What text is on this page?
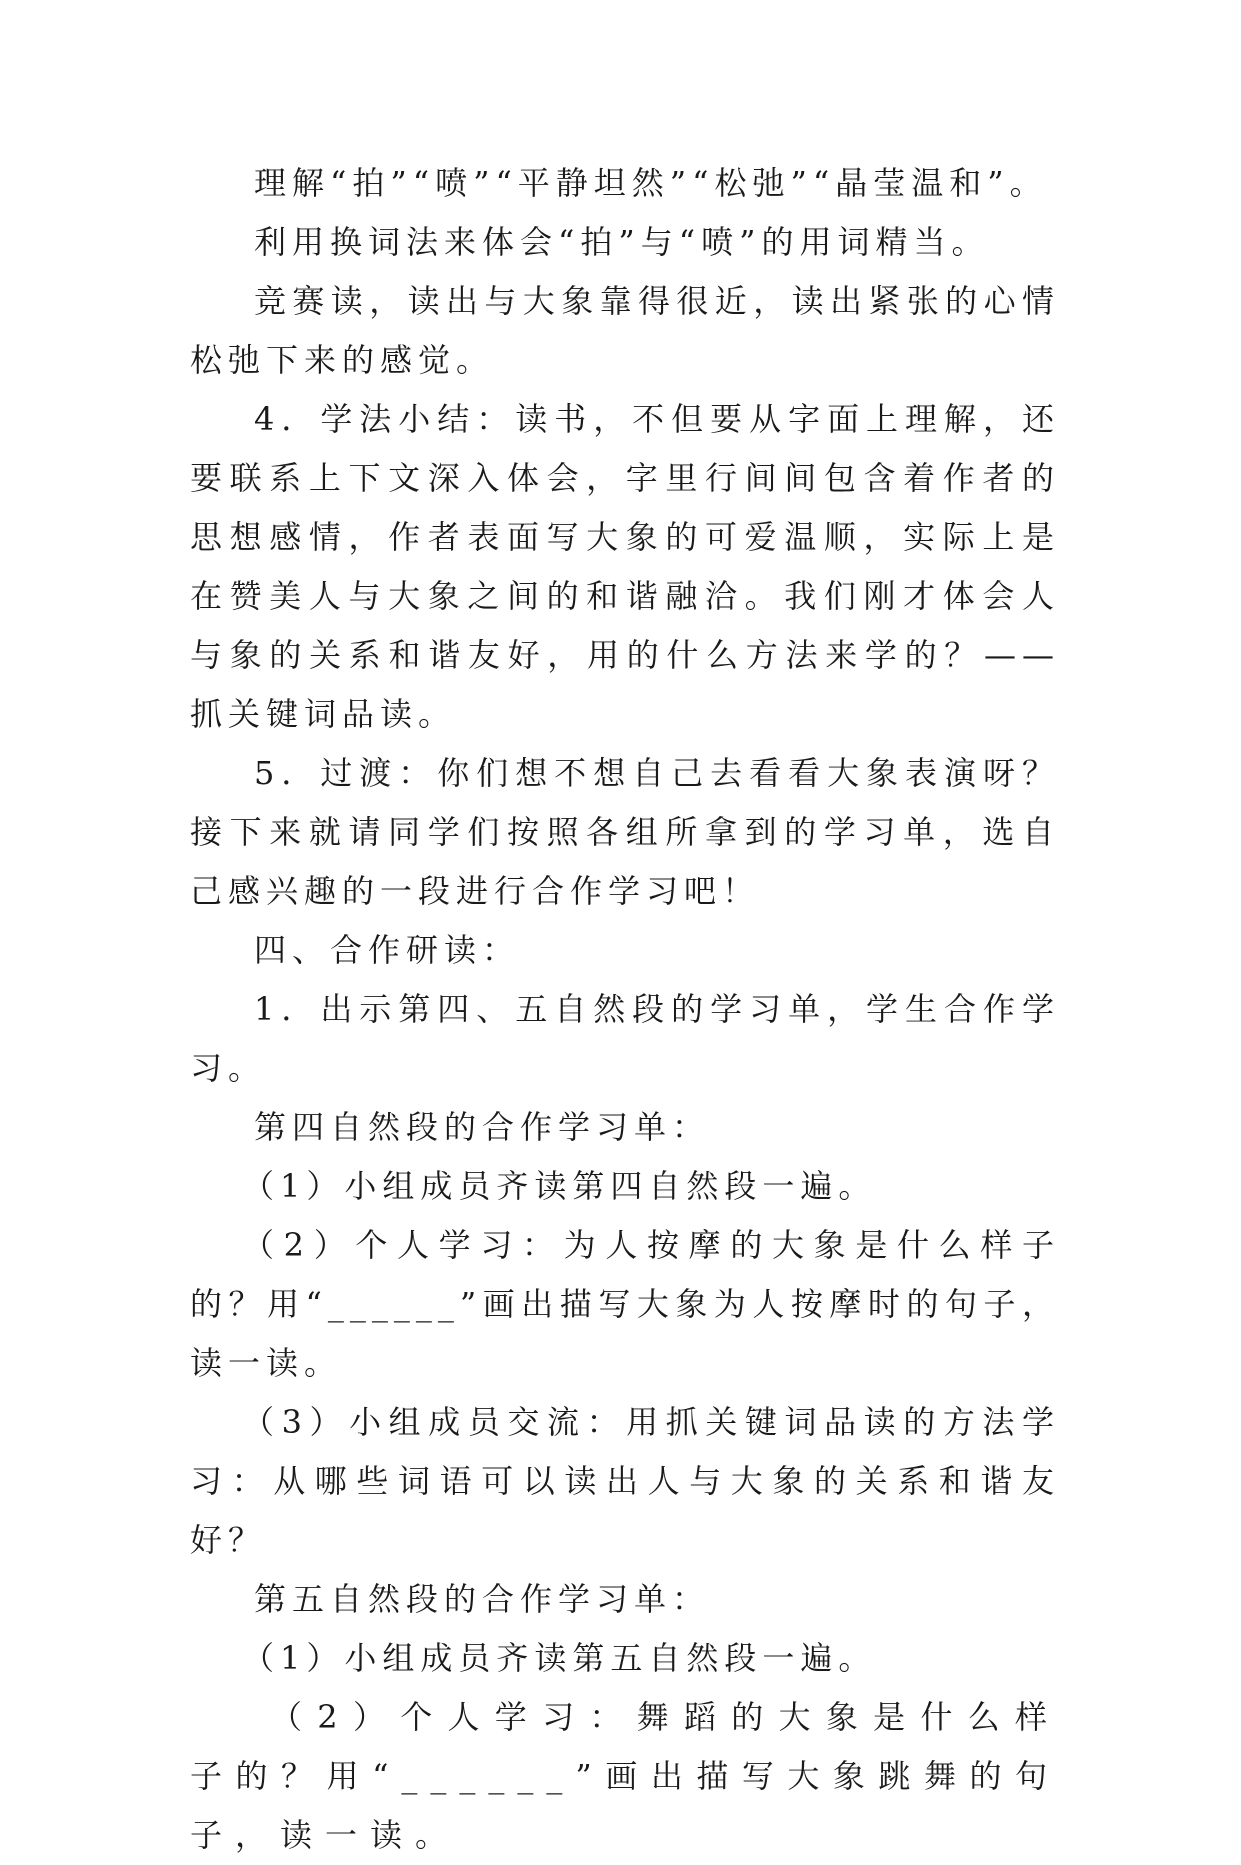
理解“拍”“喷”“平静坦然”“松弛”“晶莹温和”。

利用换词法来体会“拍”与“喷”的用词精当。

竞赛读，读出与大象靠得很近，读出紧张的心情松弛下来的感觉。

4．学法小结：读书，不但要从字面上理解，还要联系上下文深入体会，字里行间间包含着作者的思想感情，作者表面写大象的可爱温顺，实际上是在赞美人与大象之间的和谐融洽。我们刚才体会人与象的关系和谐友好，用的什么方法来学的？——抓关键词品读。

5．过渡：你们想不想自己去看看大象表演呀？接下来就请同学们按照各组所拿到的学习单，选自己感兴趣的一段进行合作学习吧！

四、合作研读：

1．出示第四、五自然段的学习单，学生合作学习。

第四自然段的合作学习单：

（1）小组成员齐读第四自然段一遍。

（2）个人学习：为人按摩的大象是什么样子的？用“______”画出描写大象为人按摩时的句子，读一读。

（3）小组成员交流：用抓关键词品读的方法学习：从哪些词语可以读出人与大象的关系和谐友好？

第五自然段的合作学习单：

（1）小组成员齐读第五自然段一遍。

（2）个人学习：舞蹈的大象是什么样子的？用“______”画出描写大象跳舞的句子，读一读。
